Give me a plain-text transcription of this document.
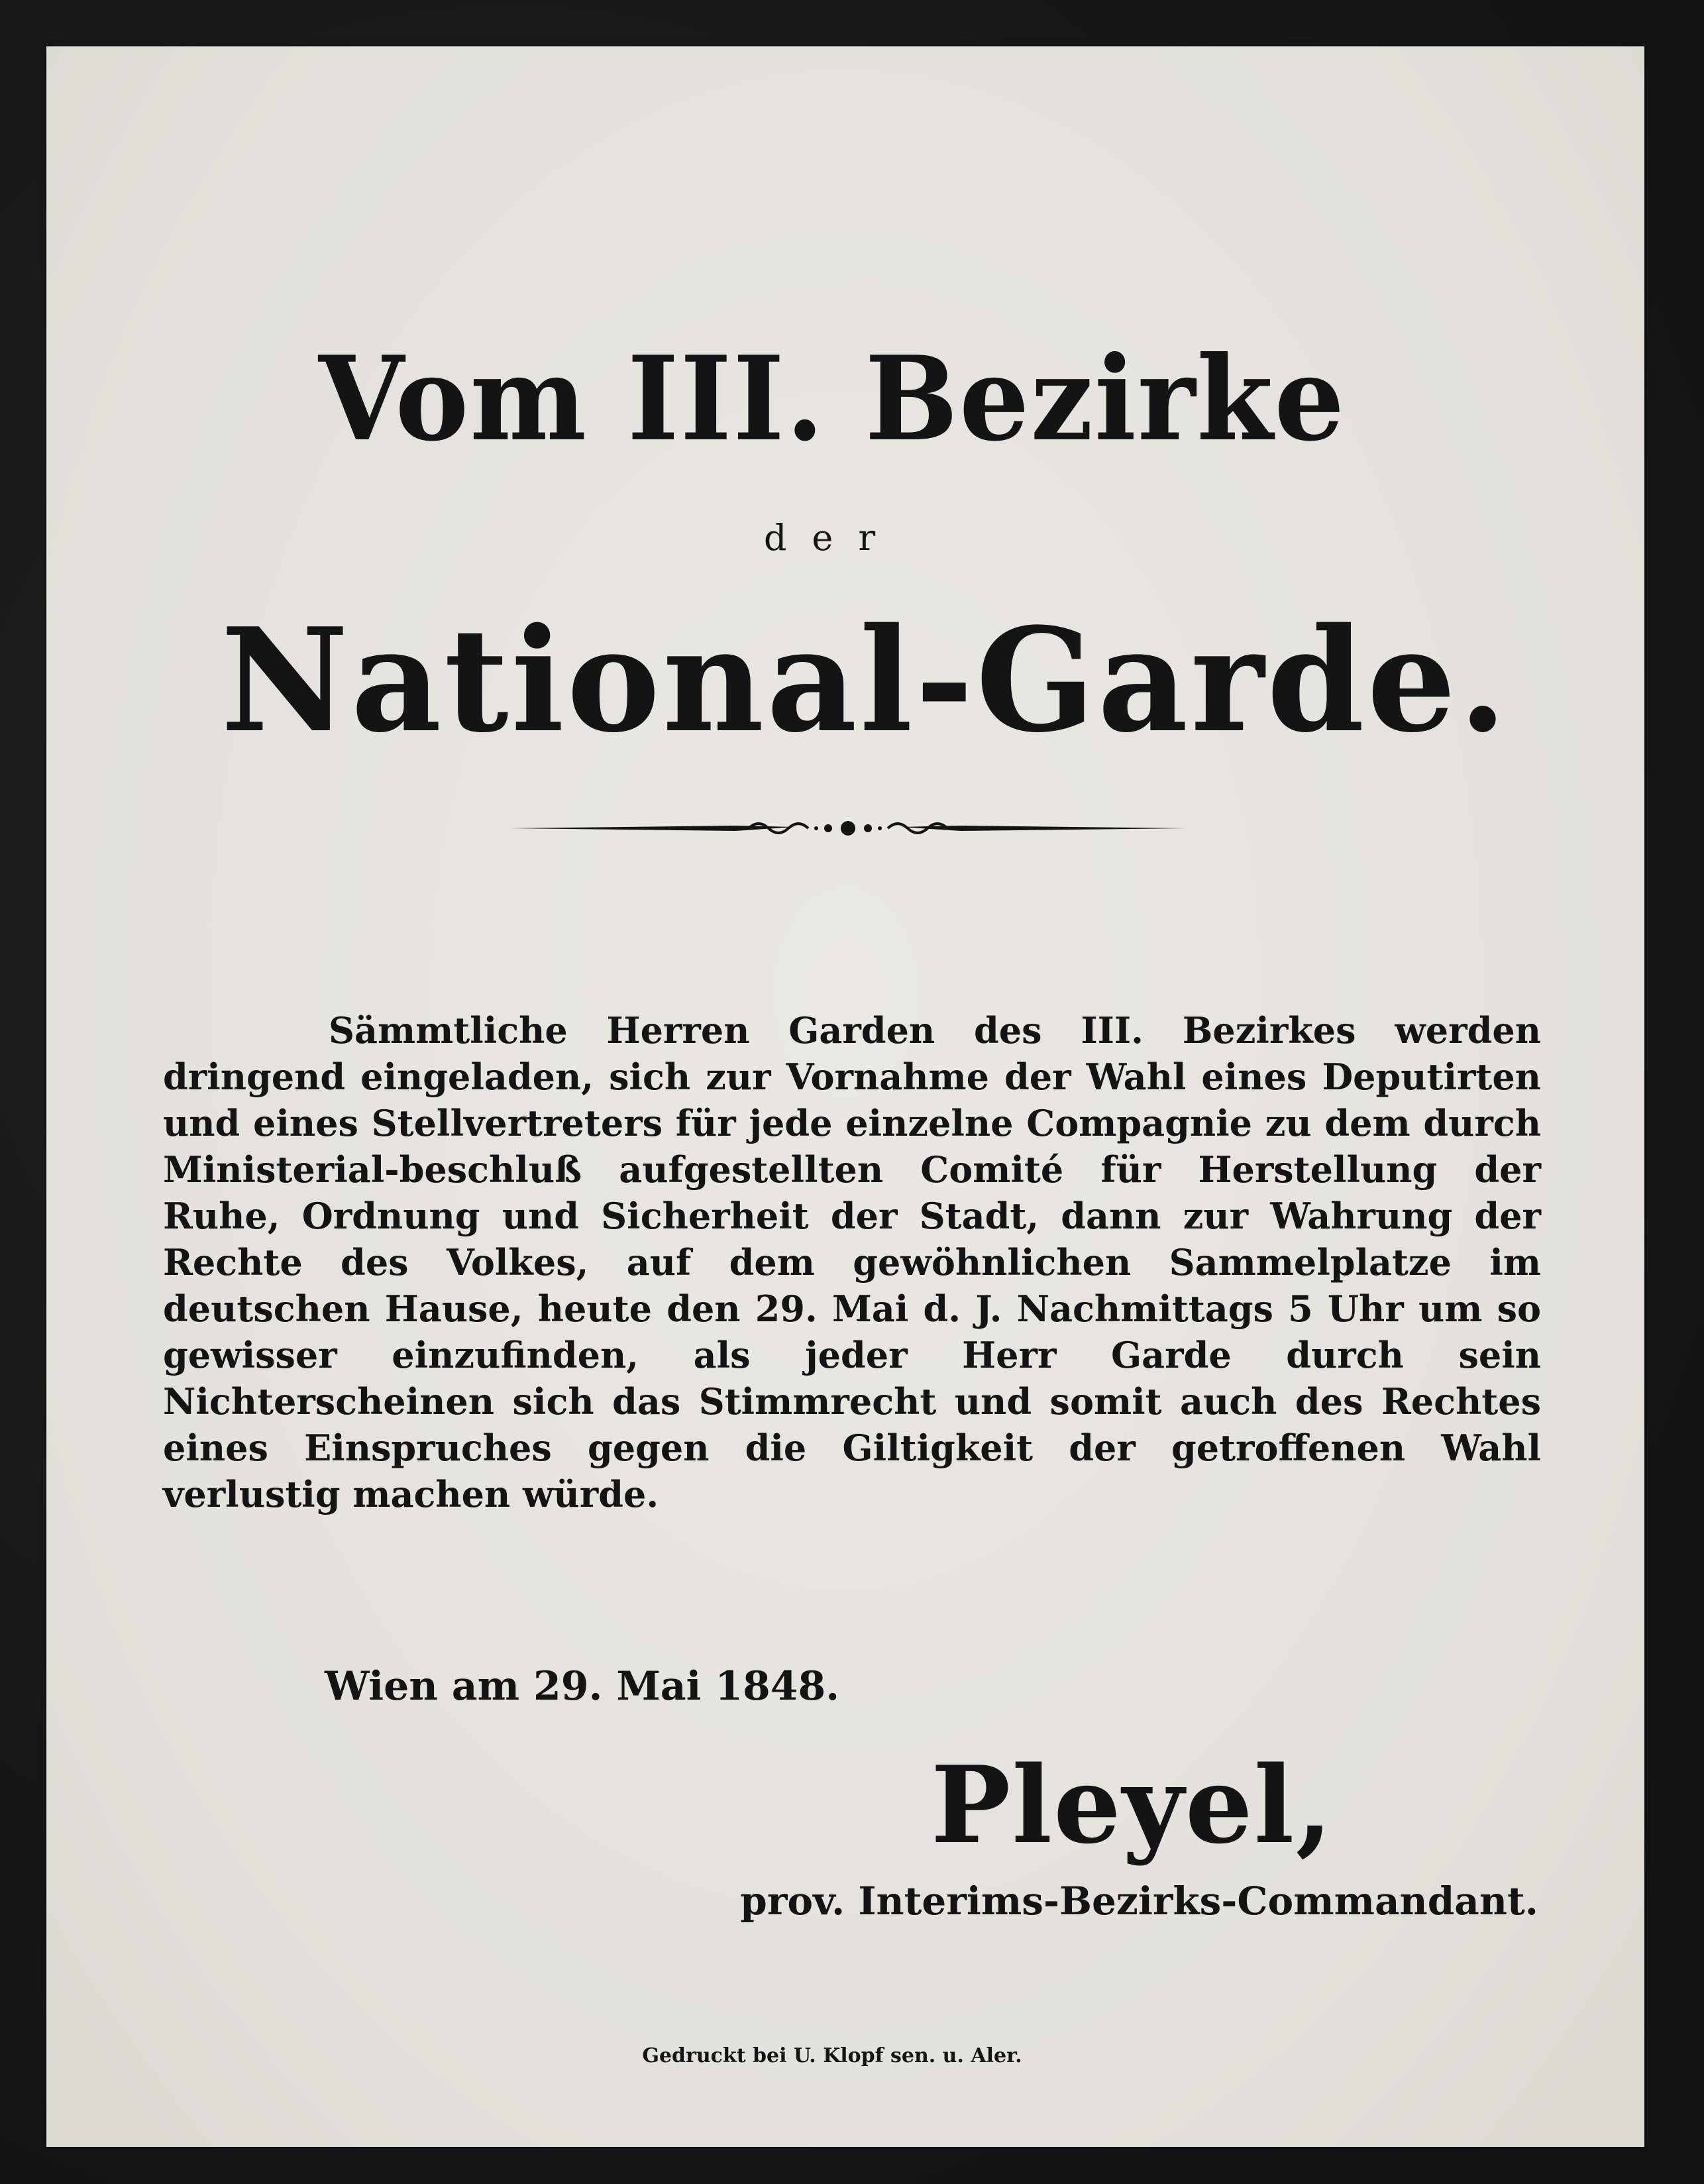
Vom III. Bezirke
der
National-Garde.
Sämmtliche Herren Garden des III. Bezirkes werden dringend eingeladen, sich zur Vornahme der Wahl eines Deputirten und eines Stellvertreters für jede einzelne Compagnie zu dem durch Ministerial-beschluß aufgestellten Comité für Herstellung der Ruhe, Ordnung und Sicherheit der Stadt, dann zur Wahrung der Rechte des Volkes, auf dem gewöhnlichen Sammelplatze im deutschen Hause, heute den 29. Mai d. J. Nachmittags 5 Uhr um so gewisser einzufinden, als jeder Herr Garde durch sein Nichterscheinen sich das Stimmrecht und somit auch des Rechtes eines Einspruches gegen die Giltigkeit der getroffenen Wahl verlustig machen würde.
Wien am 29. Mai 1848.
Pleyel,
prov. Interims-Bezirks-Commandant.
Gedruckt bei U. Klopf sen. u. Aler.
